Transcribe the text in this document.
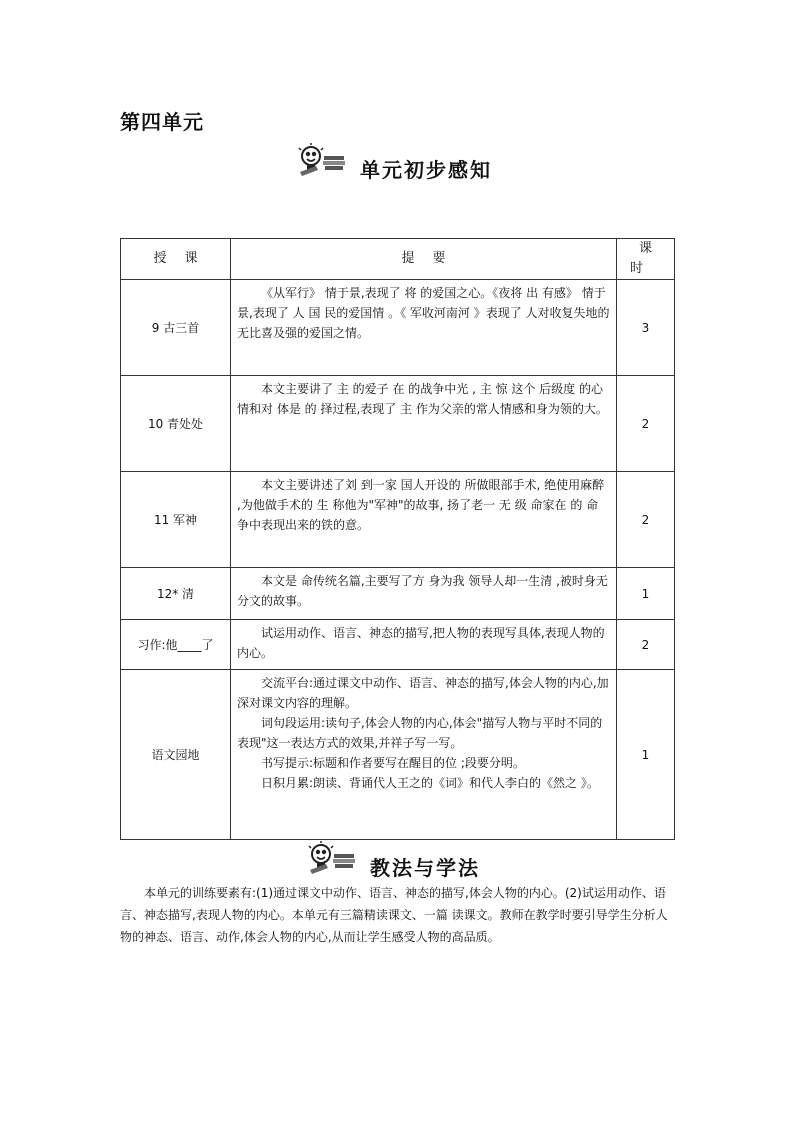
第四单元
单元初步感知
授课	提要	课时
9 古三首	《从军行》 情于景,表现了 将 的爱国之心。《夜将 出 有感》 情于景,表现了 人 国 民的爱国情 。《 军收河南河 》表现了 人对收复失地的无比喜及强的爱国之情。	3
10 青处处	本文主要讲了 主 的爱子 在 的战争中光 , 主 惊 这个 后级度 的心情和对 体是 的 择过程,表现了 主 作为父亲的常人情感和身为领的大。	2
11 军神	本文主要讲述了刘 到一家 国人开设的 所做眼部手术, 绝使用麻醉 ,为他做手术的 生 称他为"军神"的故事, 扬了老一 无 级 命家在 的 命争中表现出来的铁的意。	2
12* 清	本文是 命传统名篇,主要写了方 身为我 领导人却一生清 ,被时身无分文的故事。	1
习作:他____了	试运用动作、语言、神态的描写,把人物的表现写具体,表现人物的内心。	2
语文园地	交流平台:通过课文中动作、语言、神态的描写,体会人物的内心,加深对课文内容的理解。

词句段运用:读句子,体会人物的内心,体会"描写人物与平时不同的表现"这一表达方式的效果,并祥子写一写。

书写提示:标题和作者要写在醒目的位 ;段要分明。

日积月累:朗读、背诵代人王之的《词》和代人李白的《然之 》。	1
教法与学法

本单元的训练要素有:(1)通过课文中动作、语言、神态的描写,体会人物的内心。(2)试运用动作、语言、神态描写,表现人物的内心。本单元有三篇精读课文、一篇 读课文。教师在教学时要引导学生分析人物的神态、语言、动作,体会人物的内心,从而让学生感受人物的高品质。
